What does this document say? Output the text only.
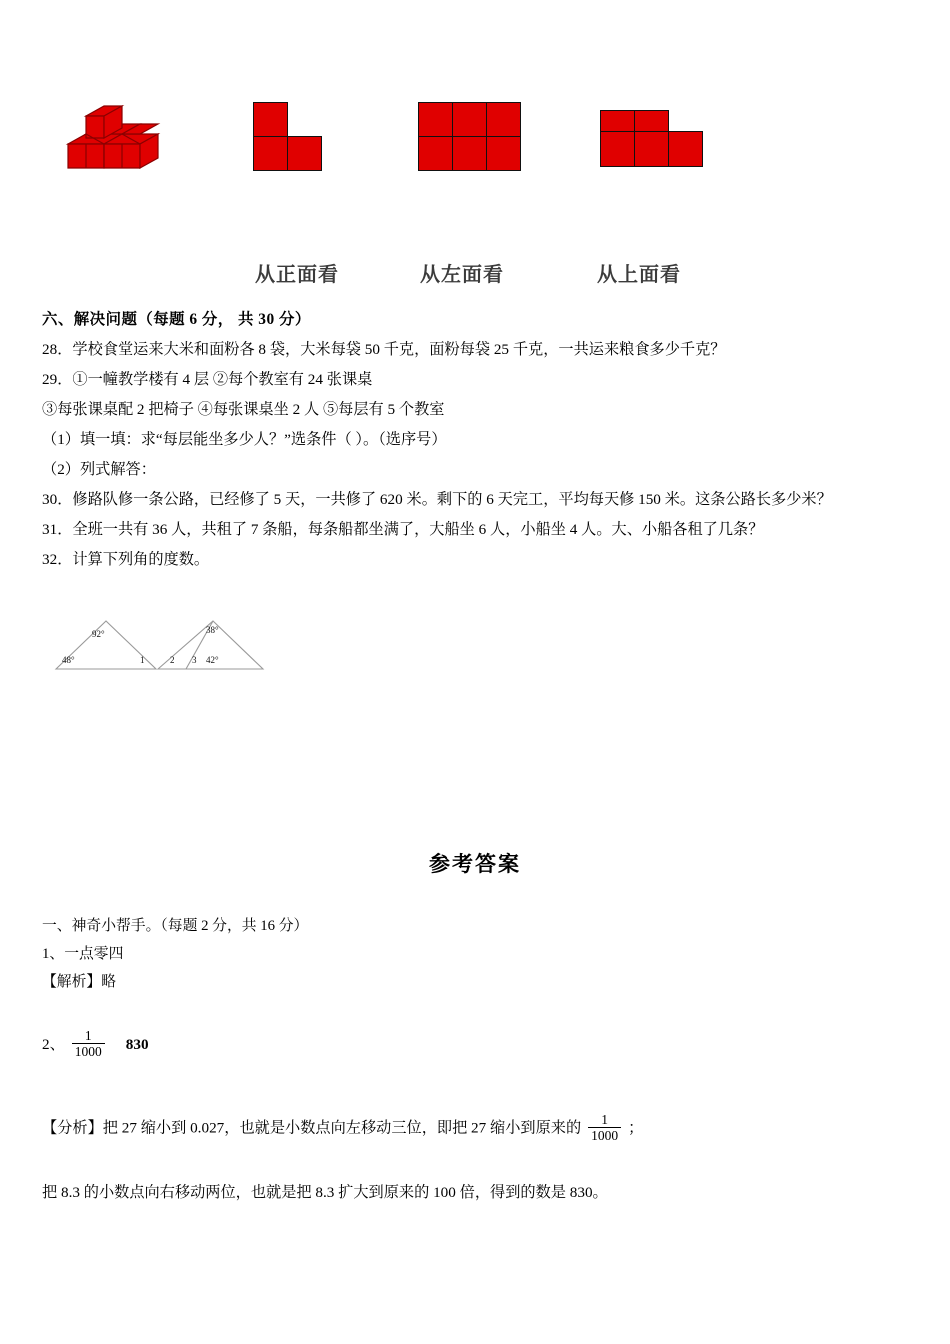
从正面看	从左面看	从上面看
六、解决问题（每题 6 分， 共 30 分）
28．学校食堂运来大米和面粉各 8 袋，大米每袋 50 千克，面粉每袋 25 千克，一共运来粮食多少千克？
29．①一幢教学楼有 4 层 ②每个教室有 24 张课桌
③每张课桌配 2 把椅子 ④每张课桌坐 2 人 ⑤每层有 5 个教室
（1）填一填：求“每层能坐多少人？”选条件（ ）。（选序号）
（2）列式解答：
30．修路队修一条公路，已经修了 5 天，一共修了 620 米。剩下的 6 天完工，平均每天修 150 米。这条公路长多少米？
31．全班一共有 36 人，共租了 7 条船，每条船都坐满了，大船坐 6 人，小船坐 4 人。大、小船各租了几条？
32．计算下列角的度数。
92°
48°	1
38°
2 3 42°
参考答案
一、神奇小帮手。（每题 2 分，共 16 分）
1、一点零四
【解析】略
2、 $\frac{1}{1000} 830$
【分析】把 27 缩小到 0.027，也就是小数点向左移动三位，即把 27 缩小到原来的 $\frac{1}{1000}$ ；
把 8.3 的小数点向右移动两位，也就是把 8.3 扩大到原来的 100 倍，得到的数是 830。
